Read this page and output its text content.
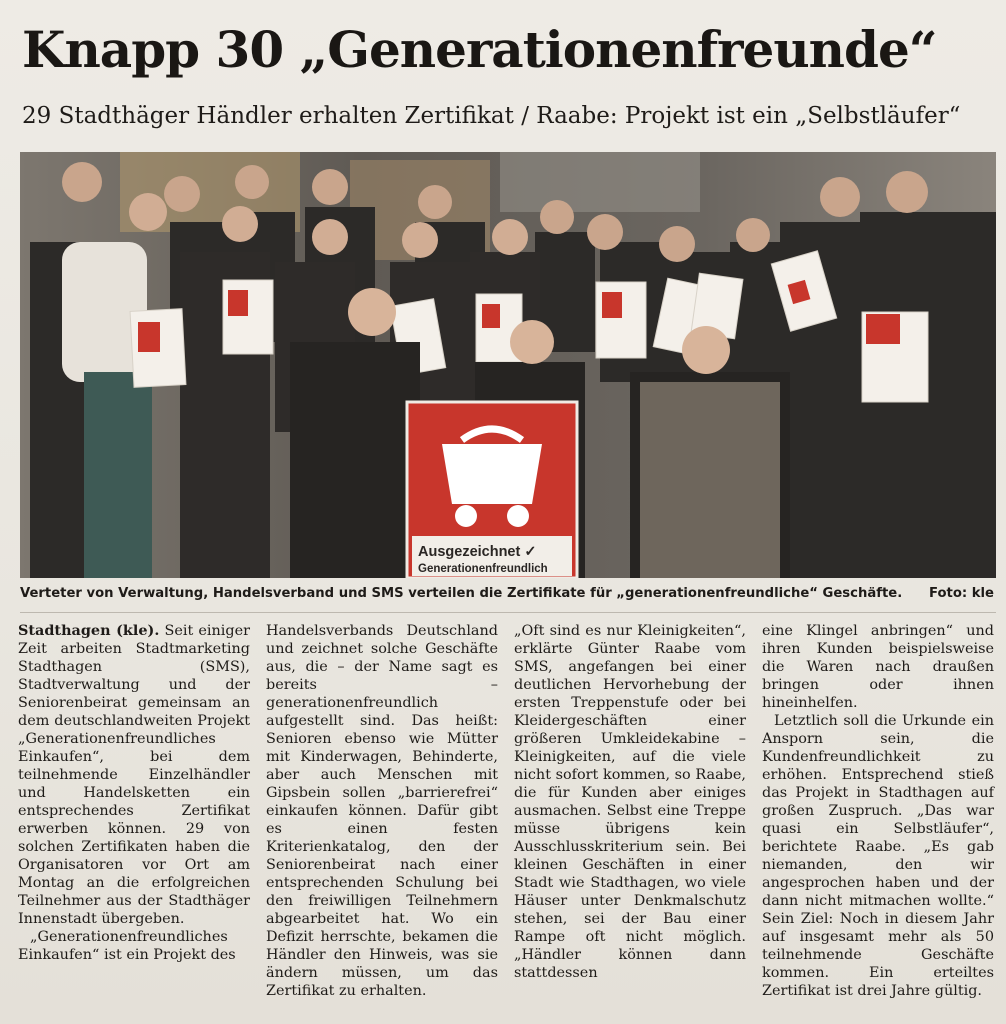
Knapp 30 „Generationenfreunde“
29 Stadthäger Händler erhalten Zertifikat / Raabe: Projekt ist ein „Selbstläufer“
Ausgezeichnet ✓
Generationenfreundlich
Verteter von Verwaltung, Handelsverband und SMS verteilen die Zertifikate für „generationenfreundliche“ Geschäfte. Foto: kle

Stadthagen (kle). Seit einiger Zeit arbeiten Stadtmarketing Stadthagen (SMS), Stadtverwaltung und der Seniorenbeirat gemeinsam an dem deutschlandweiten Projekt „Generationenfreundliches Einkaufen“, bei dem teilnehmende Einzelhändler und Handelsketten ein entsprechendes Zertifikat erwerben können. 29 von solchen Zertifikaten haben die Organisatoren vor Ort am Montag an die erfolgreichen Teilnehmer aus der Stadthäger Innenstadt übergeben.

„Generationenfreundliches Einkaufen“ ist ein Projekt des

Handelsverbands Deutschland und zeichnet solche Geschäfte aus, die – der Name sagt es bereits – generationenfreundlich aufgestellt sind. Das heißt: Senioren ebenso wie Mütter mit Kinderwagen, Behinderte, aber auch Menschen mit Gipsbein sollen „barrierefrei“ einkaufen können. Dafür gibt es einen festen Kriterienkatalog, den der Seniorenbeirat nach einer entsprechenden Schulung bei den freiwilligen Teilnehmern abgearbeitet hat. Wo ein Defizit herrschte, bekamen die Händler den Hinweis, was sie ändern müssen, um das Zertifikat zu erhalten.

„Oft sind es nur Kleinigkeiten“, erklärte Günter Raabe vom SMS, angefangen bei einer deutlichen Hervorhebung der ersten Treppenstufe oder bei Kleidergeschäften einer größeren Umkleidekabine – Kleinigkeiten, auf die viele nicht sofort kommen, so Raabe, die für Kunden aber einiges ausmachen. Selbst eine Treppe müsse übrigens kein Ausschlusskriterium sein. Bei kleinen Geschäften in einer Stadt wie Stadthagen, wo viele Häuser unter Denkmalschutz stehen, sei der Bau einer Rampe oft nicht möglich. „Händler können dann stattdessen

eine Klingel anbringen“ und ihren Kunden beispielsweise die Waren nach draußen bringen oder ihnen hineinhelfen.

Letztlich soll die Urkunde ein Ansporn sein, die Kundenfreundlichkeit zu erhöhen. Entsprechend stieß das Projekt in Stadthagen auf großen Zuspruch. „Das war quasi ein Selbstläufer“, berichtete Raabe. „Es gab niemanden, den wir angesprochen haben und der dann nicht mitmachen wollte.“ Sein Ziel: Noch in diesem Jahr auf insgesamt mehr als 50 teilnehmende Geschäfte kommen. Ein erteiltes Zertifikat ist drei Jahre gültig.
